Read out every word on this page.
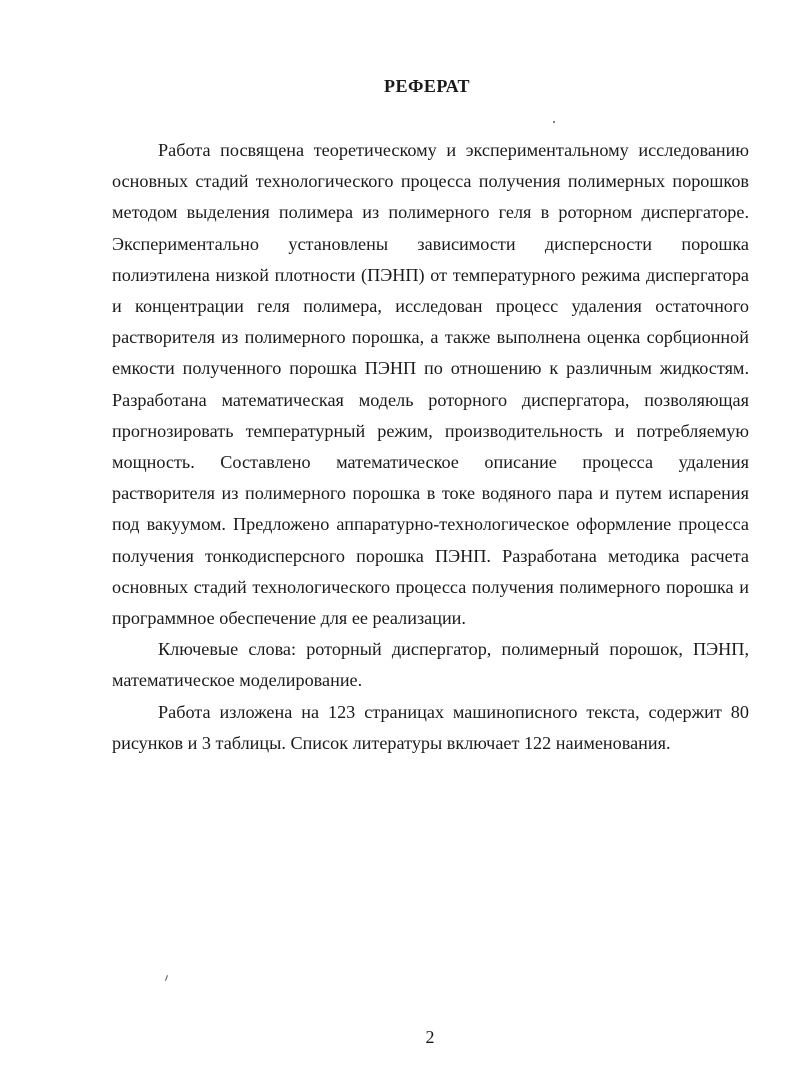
РЕФЕРАТ

Работа посвящена теоретическому и экспериментальному исследованию основных стадий технологического процесса получения полимерных порошков методом выделения полимера из полимерного геля в роторном диспергаторе. Экспериментально установлены зависимости дисперсности порошка полиэтилена низкой плотности (ПЭНП) от температурного режима диспергатора и концентрации геля полимера, исследован процесс удаления остаточного растворителя из полимерного порошка, а также выполнена оценка сорбционной емкости полученного порошка ПЭНП по отношению к различным жидкостям. Разработана математическая модель роторного диспергатора, позволяющая прогнозировать температурный режим, производительность и потребляемую мощность. Составлено математическое описание процесса удаления растворителя из полимерного порошка в токе водяного пара и путем испарения под вакуумом. Предложено аппаратурно-технологическое оформление процесса получения тонкодисперсного порошка ПЭНП. Разработана методика расчета основных стадий технологического процесса получения полимерного порошка и программное обеспечение для ее реализации.

Ключевые слова: роторный диспергатор, полимерный порошок, ПЭНП, математическое моделирование.

Работа изложена на 123 страницах машинописного текста, содержит 80 рисунков и 3 таблицы. Список литературы включает 122 наименования.

2
